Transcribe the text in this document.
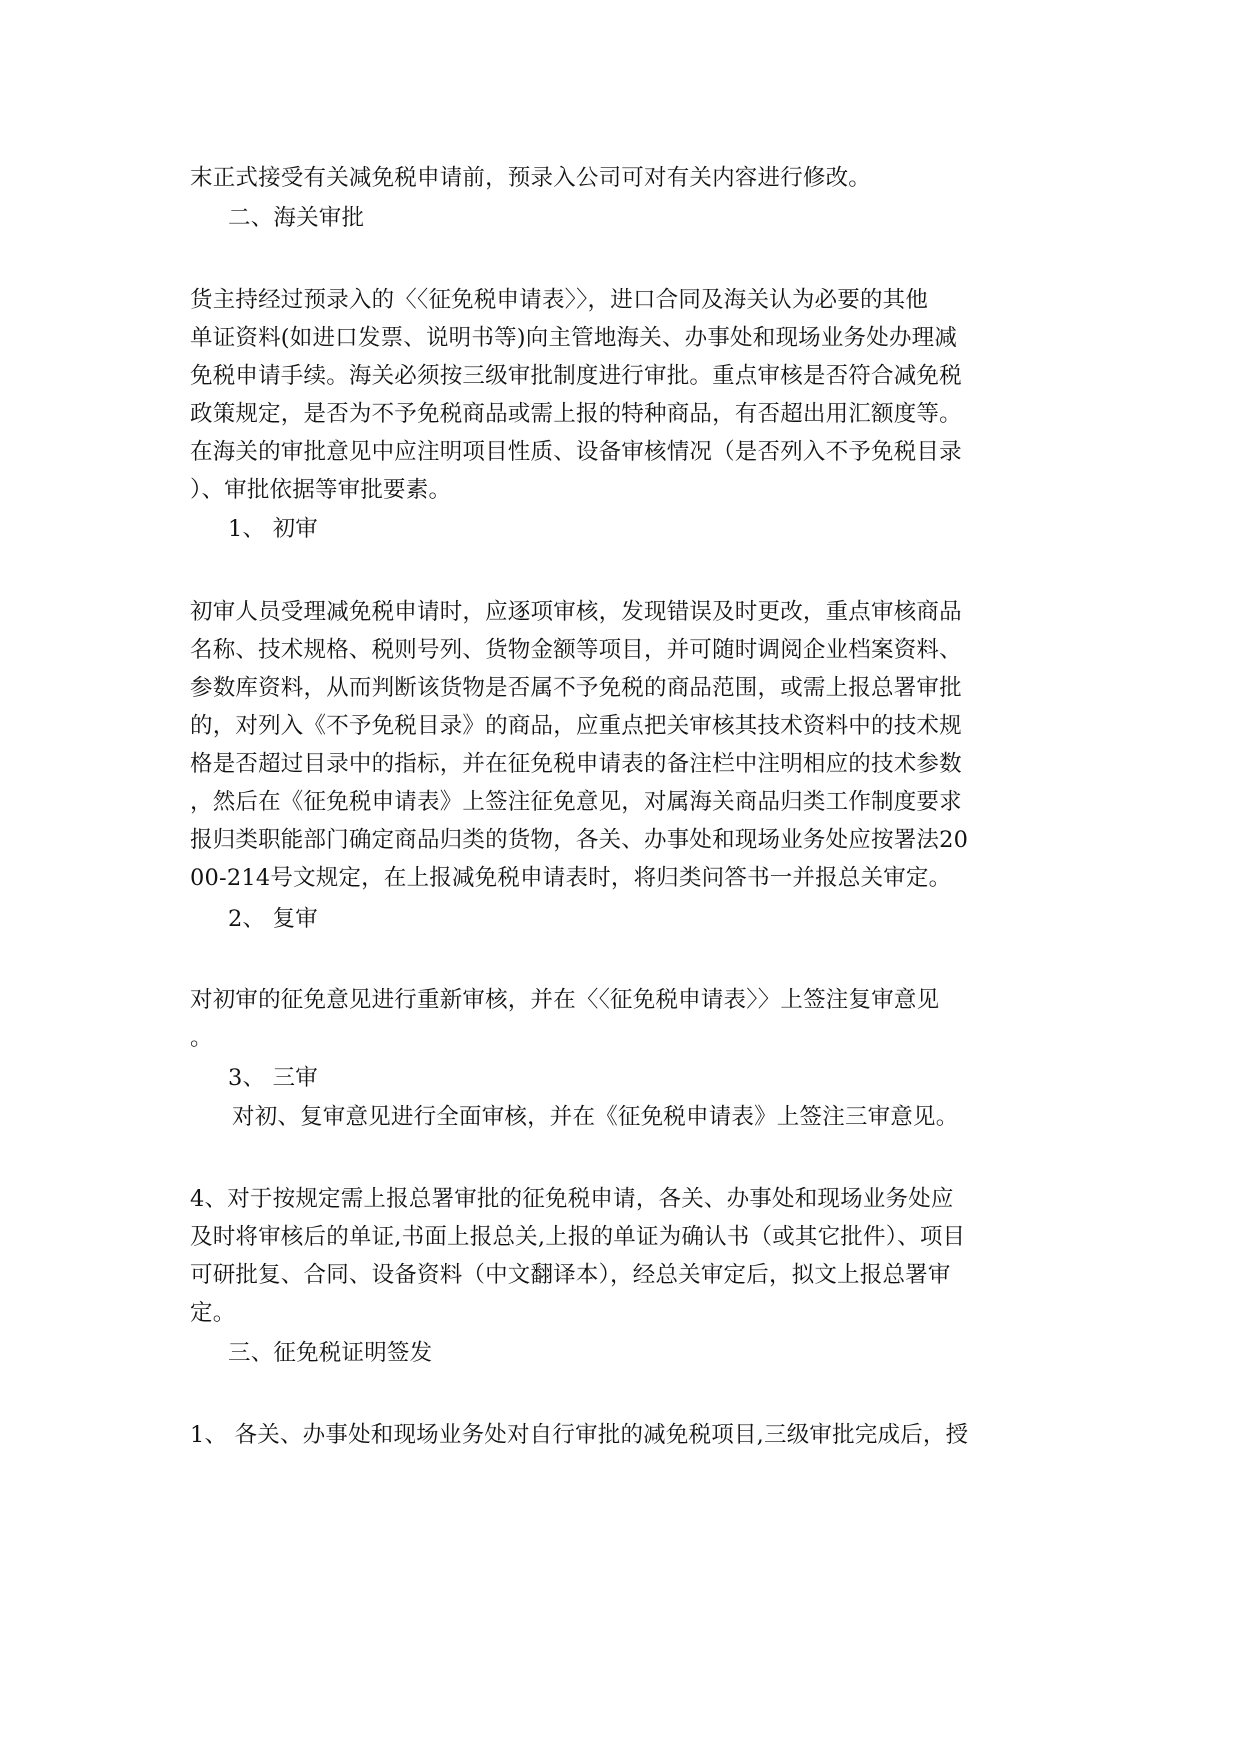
末正式接受有关减免税申请前，预录入公司可对有关内容进行修改。
二、海关审批
货主持经过预录入的〈〈征免税申请表〉〉，进口合同及海关认为必要的其他
单证资料(如进口发票、说明书等)向主管地海关、办事处和现场业务处办理减
免税申请手续。海关必须按三级审批制度进行审批。重点审核是否符合减免税
政策规定，是否为不予免税商品或需上报的特种商品，有否超出用汇额度等。
在海关的审批意见中应注明项目性质、设备审核情况（是否列入不予免税目录
）、审批依据等审批要素。
1、 初审
初审人员受理减免税申请时，应逐项审核，发现错误及时更改，重点审核商品
名称、技术规格、税则号列、货物金额等项目，并可随时调阅企业档案资料、
参数库资料，从而判断该货物是否属不予免税的商品范围，或需上报总署审批
的，对列入《不予免税目录》的商品，应重点把关审核其技术资料中的技术规
格是否超过目录中的指标，并在征免税申请表的备注栏中注明相应的技术参数
，然后在《征免税申请表》上签注征免意见，对属海关商品归类工作制度要求
报归类职能部门确定商品归类的货物，各关、办事处和现场业务处应按署法20
00-214号文规定，在上报减免税申请表时，将归类问答书一并报总关审定。
2、 复审
对初审的征免意见进行重新审核，并在〈〈征免税申请表〉〉上签注复审意见
。
3、 三审
对初、复审意见进行全面审核，并在《征免税申请表》上签注三审意见。
4、对于按规定需上报总署审批的征免税申请，各关、办事处和现场业务处应
及时将审核后的单证,书面上报总关,上报的单证为确认书（或其它批件）、项目
可研批复、合同、设备资料（中文翻译本），经总关审定后，拟文上报总署审
定。
三、征免税证明签发
1、 各关、办事处和现场业务处对自行审批的减免税项目,三级审批完成后，授
